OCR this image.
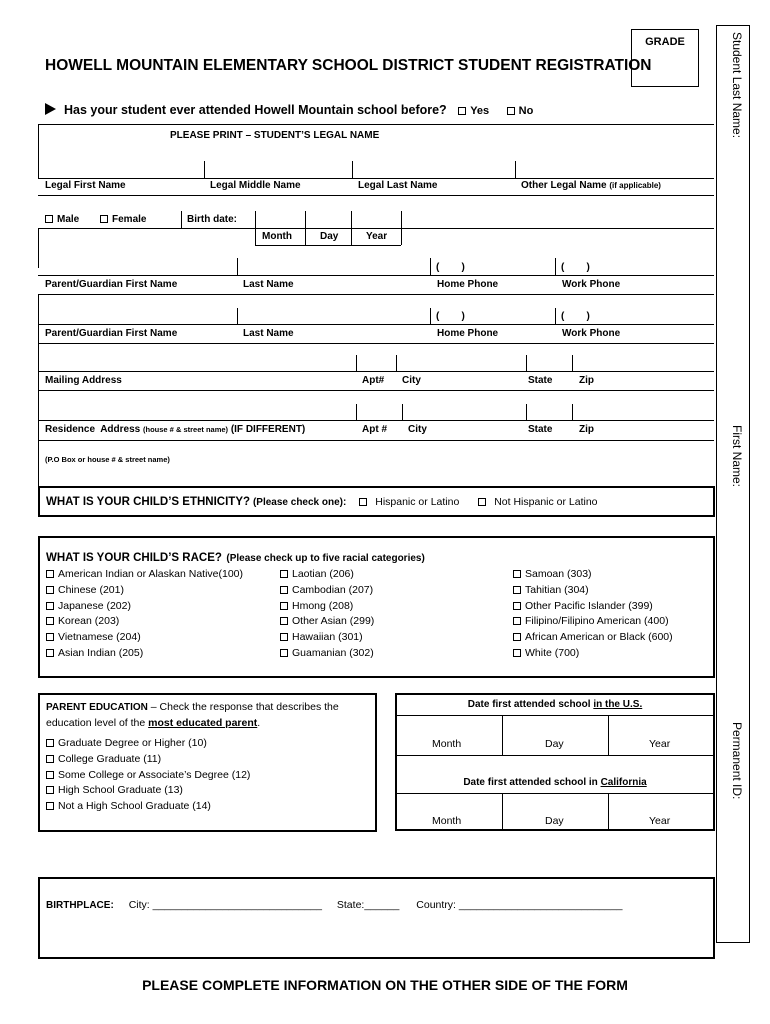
HOWELL MOUNTAIN ELEMENTARY SCHOOL DISTRICT STUDENT REGISTRATION
GRADE	Student Last Name:
First Name:
Permanent ID:
Has your student ever attended Howell Mountain school before? Yes	No
PLEASE PRINT – STUDENT’S LEGAL NAME
Legal First Name	Legal Middle Name	Legal Last Name	Other Legal Name (if applicable)
Male	Female	Birth date:
Month	Day	Year
(        )	(        )
Parent/Guardian First Name	Last Name	Home Phone	Work Phone
(        )	(        )
Parent/Guardian First Name	Last Name	Home Phone	Work Phone
Mailing Address	Apt# City	State	Zip
Residence  Address (house # & street name) (IF DIFFERENT)	Apt # City	State	Zip
(P.O Box or house # & street name)
WHAT IS YOUR CHILD’S ETHNICITY? (Please check one):	Hispanic or Latino	Not Hispanic or Latino
WHAT IS YOUR CHILD’S RACE? (Please check up to five racial categories)
American Indian or Alaskan Native(100)
Chinese (201)
Japanese (202)
Korean (203)
Vietnamese (204)
Asian Indian (205)
Laotian (206)
Cambodian (207)
Hmong (208)
Other Asian (299)
Hawaiian (301)
Guamanian (302)
Samoan (303)
Tahitian (304)
Other Pacific Islander (399)
Filipino/Filipino American (400)
African American or Black (600)
White (700)
PARENT EDUCATION – Check the response that describes the
education level of the most educated parent.
Graduate Degree or Higher (10)
College Graduate (11)
Some College or Associate’s Degree (12)
High School Graduate (13)
Not a High School Graduate (14)
Date first attended school in the U.S.
Month	Day	Year
Date first attended school in California
Month	Day	Year
BIRTHPLACE: City: _____________________________ State:______ Country: ____________________________
PLEASE COMPLETE INFORMATION ON THE OTHER SIDE OF THE FORM
